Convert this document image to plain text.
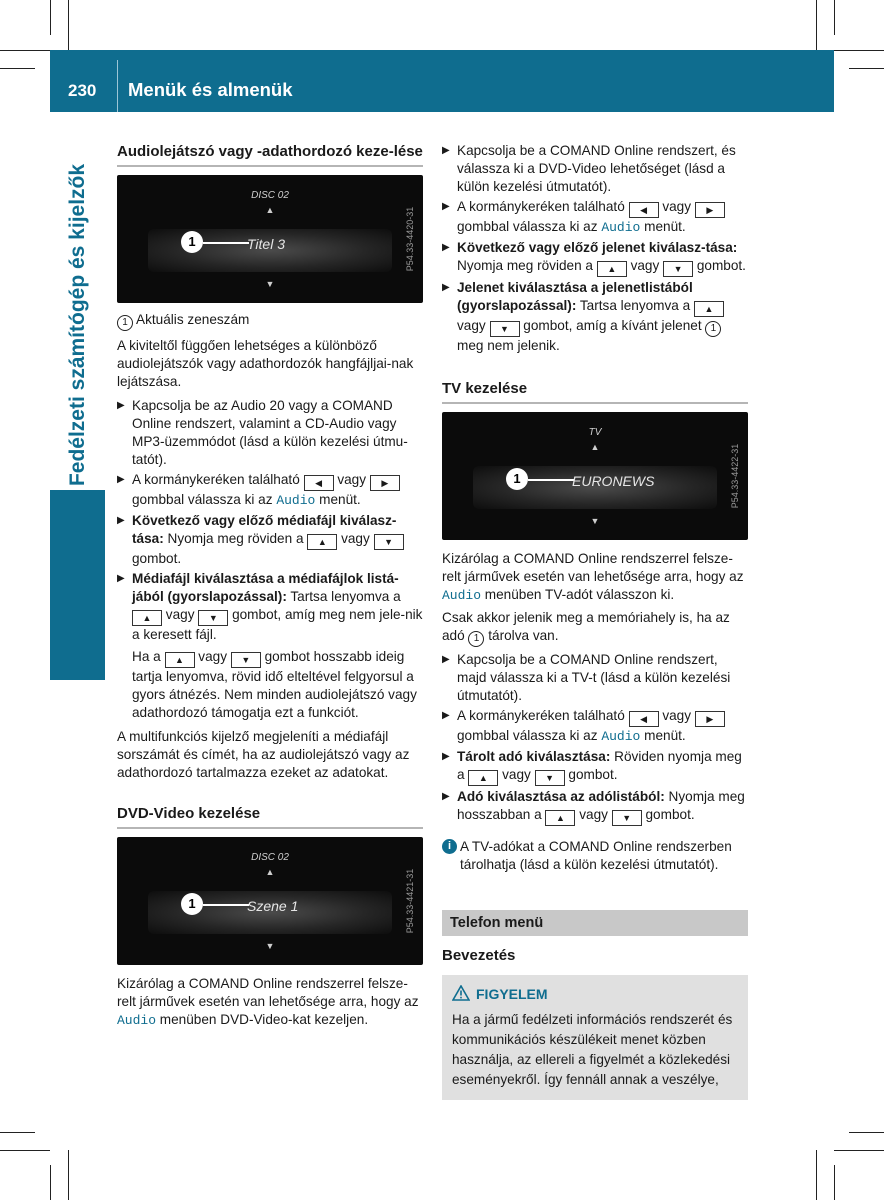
230 Menük és almenük
Fedélzeti számítógép és kijelzők
Audiolejátszó vagy -adathordozó keze-lése
DISC 02
▲
1	Titel 3
▼
P54.33-4420-31

1 Aktuális zeneszám

A kiviteltől függően lehetséges a különböző audiolejátszók vagy adathordozók hangfájljai-nak lejátszása.

▶ Kapcsolja be az Audio 20 vagy a COMAND Online rendszert, valamint a CD-Audio vagy MP3-üzemmódot (lásd a külön kezelési útmu-tatót).
▶ A kormánykeréken található ◀ vagy ▶ gombbal válassza ki az Audio menüt.
▶ Következő vagy előző médiafájl kiválasz-tása: Nyomja meg röviden a ▲ vagy ▼ gombot.
▶ Médiafájl kiválasztása a médiafájlok listá-jából (gyorslapozással): Tartsa lenyomva a ▲ vagy ▼ gombot, amíg meg nem jele-nik a keresett fájl.
Ha a ▲ vagy ▼ gombot hosszabb ideig tartja lenyomva, rövid idő elteltével felgyorsul a gyors átnézés. Nem minden audiolejátszó vagy adathordozó támogatja ezt a funkciót.

A multifunkciós kijelző megjeleníti a médiafájl sorszámát és címét, ha az audiolejátszó vagy az adathordozó tartalmazza ezeket az adatokat.

DVD-Video kezelése
DISC 02
▲
1	Szene 1
▼
P54.33-4421-31

Kizárólag a COMAND Online rendszerrel felsze-relt járművek esetén van lehetősége arra, hogy az Audio menüben DVD-Video-kat kezeljen.

▶ Kapcsolja be a COMAND Online rendszert, és válassza ki a DVD-Video lehetőséget (lásd a külön kezelési útmutatót).
▶ A kormánykeréken található ◀ vagy ▶ gombbal válassza ki az Audio menüt.
▶ Következő vagy előző jelenet kiválasz-tása: Nyomja meg röviden a ▲ vagy ▼ gombot.
▶ Jelenet kiválasztása a jelenetlistából (gyorslapozással): Tartsa lenyomva a ▲ vagy ▼ gombot, amíg a kívánt jelenet 1 meg nem jelenik.
TV kezelése
TV
▲
1	EURONEWS
▼
P54.33-4422-31

Kizárólag a COMAND Online rendszerrel felsze-relt járművek esetén van lehetősége arra, hogy az Audio menüben TV-adót válasszon ki.

Csak akkor jelenik meg a memóriahely is, ha az adó 1 tárolva van.

▶ Kapcsolja be a COMAND Online rendszert, majd válassza ki a TV-t (lásd a külön kezelési útmutatót).
▶ A kormánykeréken található ◀ vagy ▶ gombbal válassza ki az Audio menüt.
▶ Tárolt adó kiválasztása: Röviden nyomja meg a ▲ vagy ▼ gombot.
▶ Adó kiválasztása az adólistából: Nyomja meg hosszabban a ▲ vagy ▼ gombot.
i A TV-adókat a COMAND Online rendszerben tárolhatja (lásd a külön kezelési útmutatót).
Telefon menü
Bevezetés
FIGYELEM

Ha a jármű fedélzeti információs rendszerét és kommunikációs készülékeit menet közben használja, az ellereli a figyelmét a közlekedési eseményekről. Így fennáll annak a veszélye,
